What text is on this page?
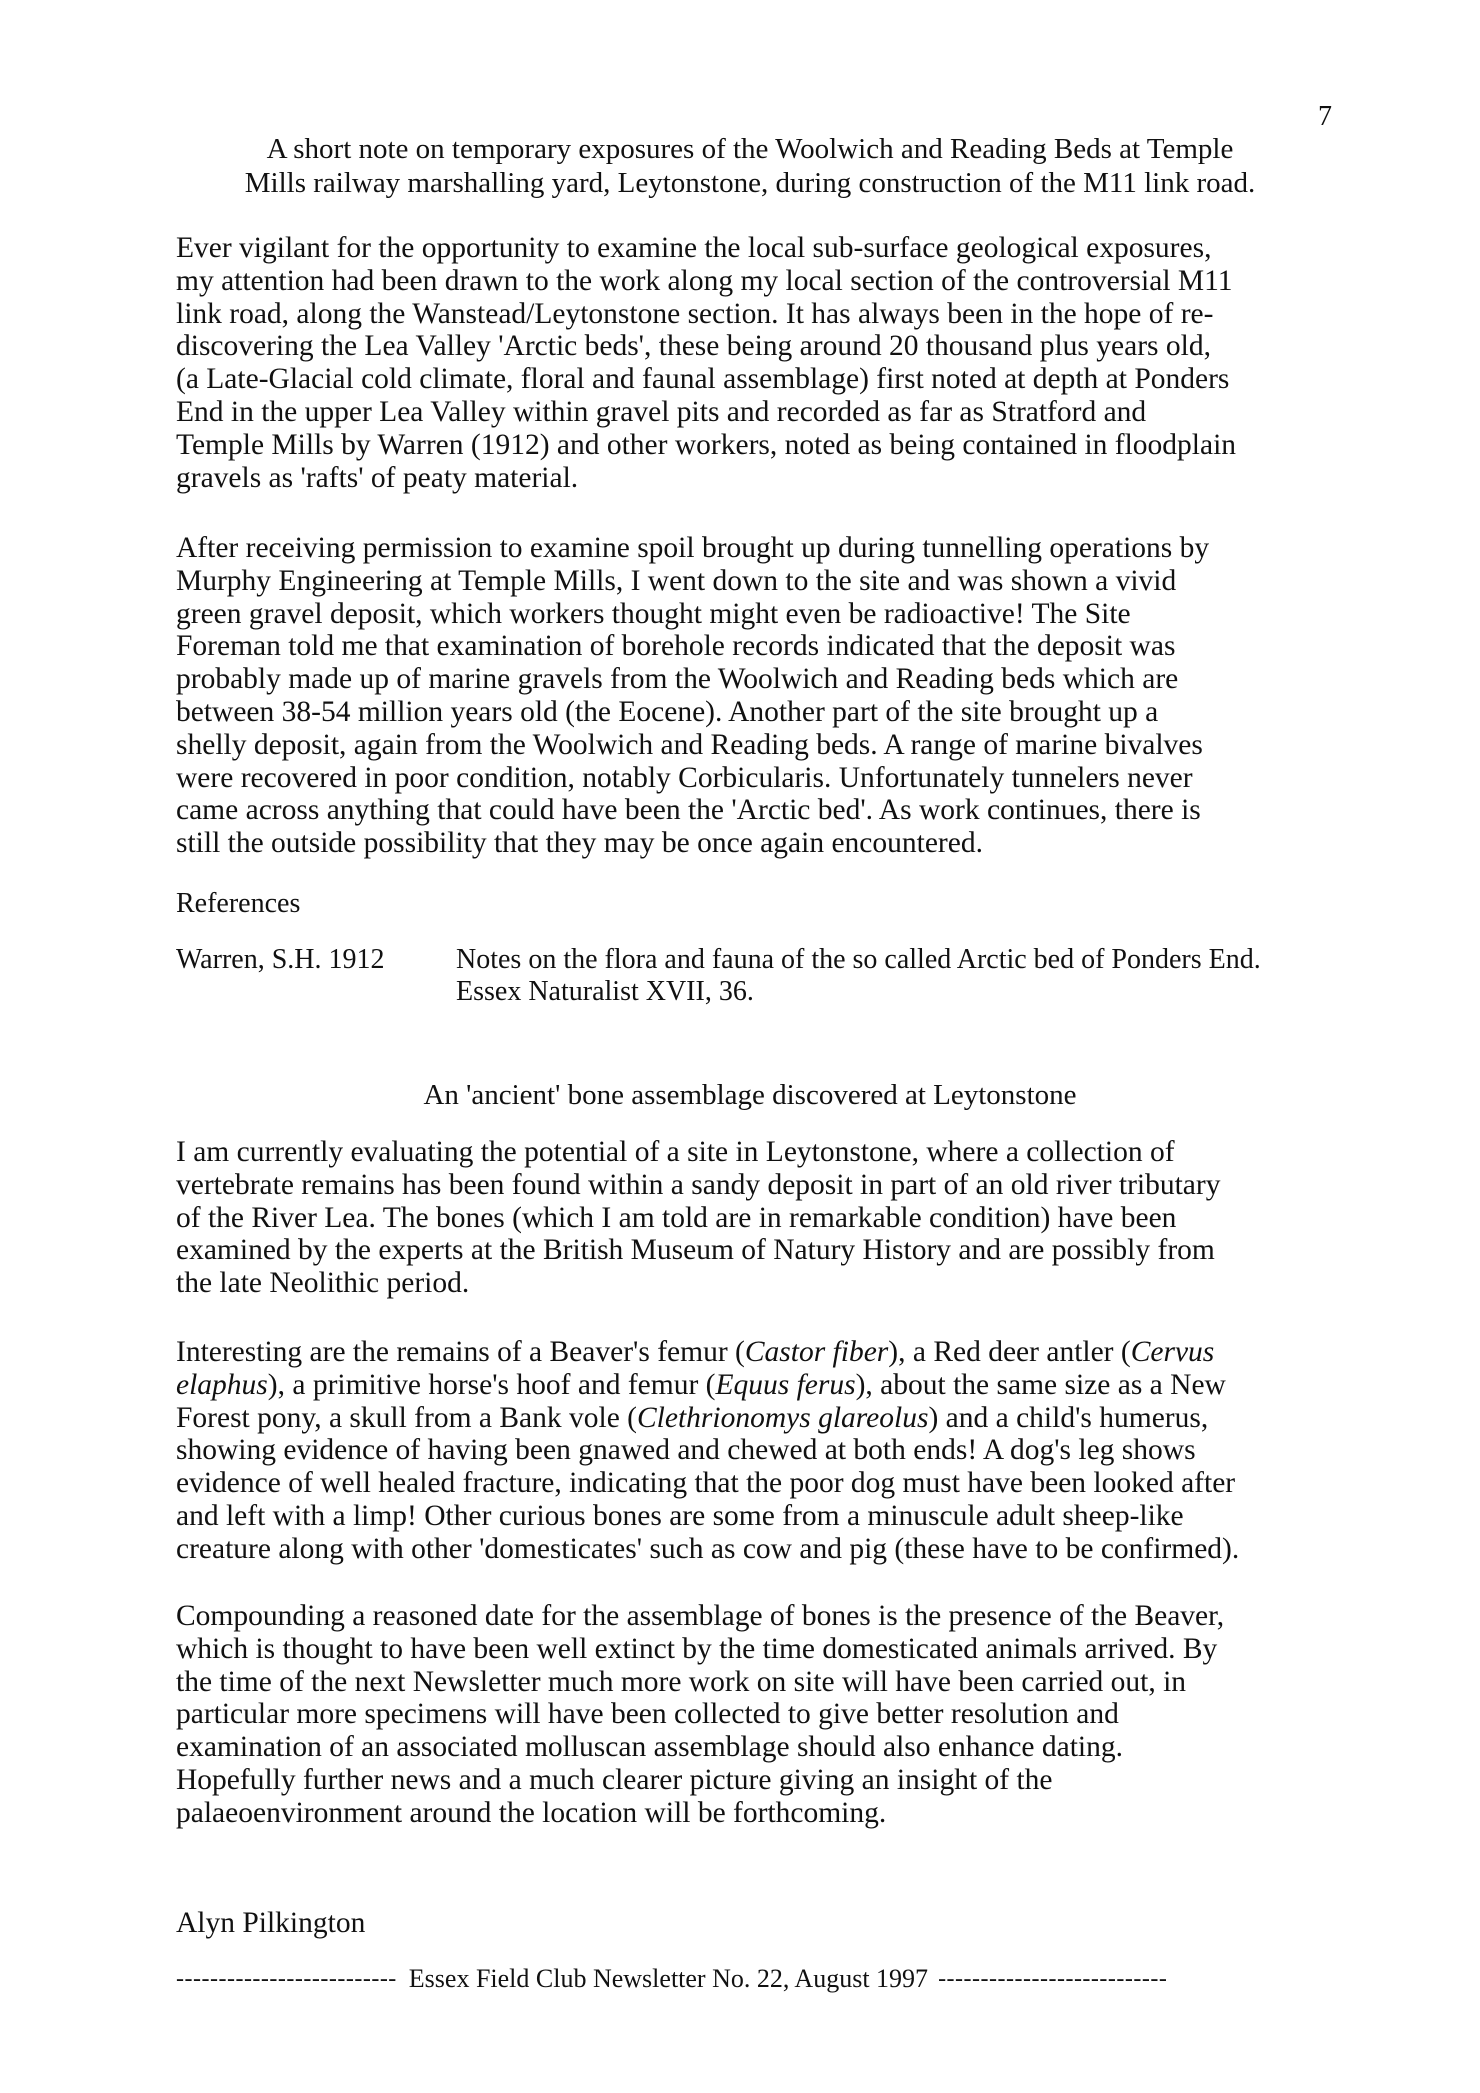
7
A short note on temporary exposures of the Woolwich and Reading Beds at Temple
Mills railway marshalling yard, Leytonstone, during construction of the M11 link road.
Ever vigilant for the opportunity to examine the local sub-surface geological exposures,
my attention had been drawn to the work along my local section of the controversial M11
link road, along the Wanstead/Leytonstone section. It has always been in the hope of re-
discovering the Lea Valley 'Arctic beds', these being around 20 thousand plus years old,
(a Late-Glacial cold climate, floral and faunal assemblage) first noted at depth at Ponders
End in the upper Lea Valley within gravel pits and recorded as far as Stratford and
Temple Mills by Warren (1912) and other workers, noted as being contained in floodplain
gravels as 'rafts' of peaty material.
After receiving permission to examine spoil brought up during tunnelling operations by
Murphy Engineering at Temple Mills, I went down to the site and was shown a vivid
green gravel deposit, which workers thought might even be radioactive! The Site
Foreman told me that examination of borehole records indicated that the deposit was
probably made up of marine gravels from the Woolwich and Reading beds which are
between 38-54 million years old (the Eocene). Another part of the site brought up a
shelly deposit, again from the Woolwich and Reading beds. A range of marine bivalves
were recovered in poor condition, notably Corbicularis. Unfortunately tunnelers never
came across anything that could have been the 'Arctic bed'. As work continues, there is
still the outside possibility that they may be once again encountered.
References
Warren, S.H. 1912	Notes on the flora and fauna of the so called Arctic bed of Ponders End.
Essex Naturalist XVII, 36.
An 'ancient' bone assemblage discovered at Leytonstone
I am currently evaluating the potential of a site in Leytonstone, where a collection of
vertebrate remains has been found within a sandy deposit in part of an old river tributary
of the River Lea. The bones (which I am told are in remarkable condition) have been
examined by the experts at the British Museum of Natury History and are possibly from
the late Neolithic period.
Interesting are the remains of a Beaver's femur (Castor fiber), a Red deer antler (Cervus
elaphus), a primitive horse's hoof and femur (Equus ferus), about the same size as a New
Forest pony, a skull from a Bank vole (Clethrionomys glareolus) and a child's humerus,
showing evidence of having been gnawed and chewed at both ends! A dog's leg shows
evidence of well healed fracture, indicating that the poor dog must have been looked after
and left with a limp! Other curious bones are some from a minuscule adult sheep-like
creature along with other 'domesticates' such as cow and pig (these have to be confirmed).
Compounding a reasoned date for the assemblage of bones is the presence of the Beaver,
which is thought to have been well extinct by the time domesticated animals arrived. By
the time of the next Newsletter much more work on site will have been carried out, in
particular more specimens will have been collected to give better resolution and
examination of an associated molluscan assemblage should also enhance dating.
Hopefully further news and a much clearer picture giving an insight of the
palaeoenvironment around the location will be forthcoming.
Alyn Pilkington
-------------------------- Essex Field Club Newsletter No. 22, August 1997 ---------------------------
